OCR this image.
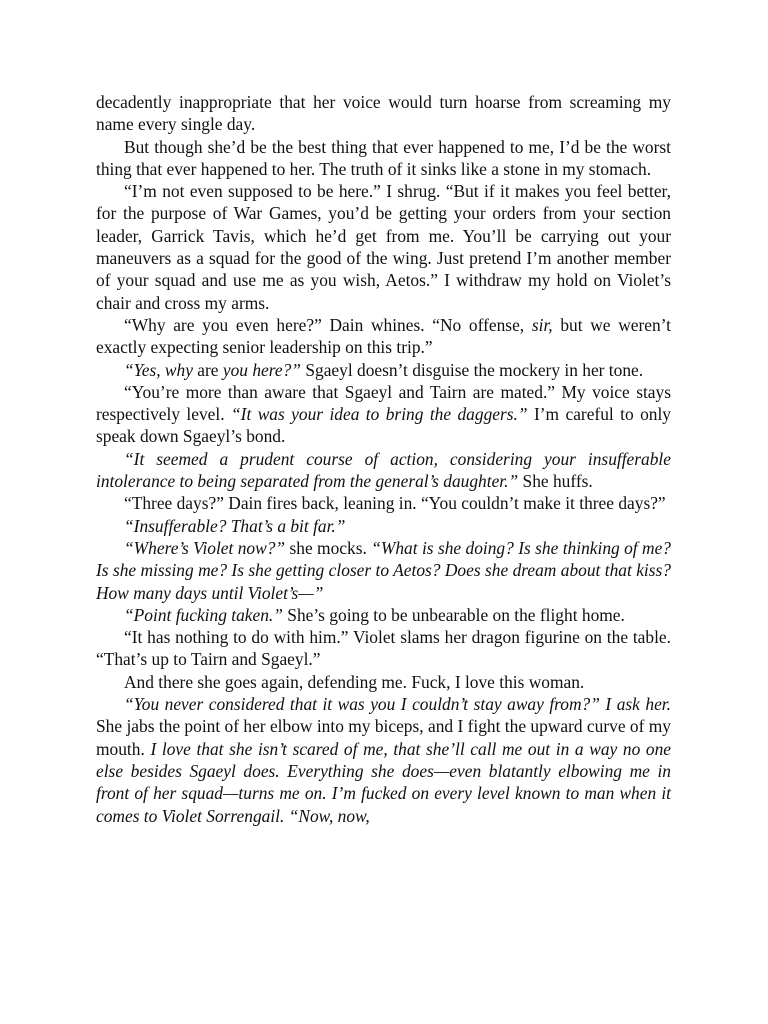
decadently inappropriate that her voice would turn hoarse from screaming my name every single day.

But though she’d be the best thing that ever happened to me, I’d be the worst thing that ever happened to her. The truth of it sinks like a stone in my stomach.

“I’m not even supposed to be here.” I shrug. “But if it makes you feel better, for the purpose of War Games, you’d be getting your orders from your section leader, Garrick Tavis, which he’d get from me. You’ll be carrying out your maneuvers as a squad for the good of the wing. Just pretend I’m another member of your squad and use me as you wish, Aetos.” I withdraw my hold on Violet’s chair and cross my arms.

“Why are you even here?” Dain whines. “No offense, sir, but we weren’t exactly expecting senior leadership on this trip.”

“Yes, why are you here?” Sgaeyl doesn’t disguise the mockery in her tone.

“You’re more than aware that Sgaeyl and Tairn are mated.” My voice stays respectively level. “It was your idea to bring the daggers.” I’m careful to only speak down Sgaeyl’s bond.

“It seemed a prudent course of action, considering your insufferable intolerance to being separated from the general’s daughter.” She huffs.

“Three days?” Dain fires back, leaning in. “You couldn’t make it three days?”

“Insufferable? That’s a bit far.”

“Where’s Violet now?” she mocks. “What is she doing? Is she thinking of me? Is she missing me? Is she getting closer to Aetos? Does she dream about that kiss? How many days until Violet’s—”

“Point fucking taken.” She’s going to be unbearable on the flight home.

“It has nothing to do with him.” Violet slams her dragon figurine on the table. “That’s up to Tairn and Sgaeyl.”

And there she goes again, defending me. Fuck, I love this woman.

“You never considered that it was you I couldn’t stay away from?” I ask her. She jabs the point of her elbow into my biceps, and I fight the upward curve of my mouth. I love that she isn’t scared of me, that she’ll call me out in a way no one else besides Sgaeyl does. Everything she does—even blatantly elbowing me in front of her squad—turns me on. I’m fucked on every level known to man when it comes to Violet Sorrengail. “Now, now,
